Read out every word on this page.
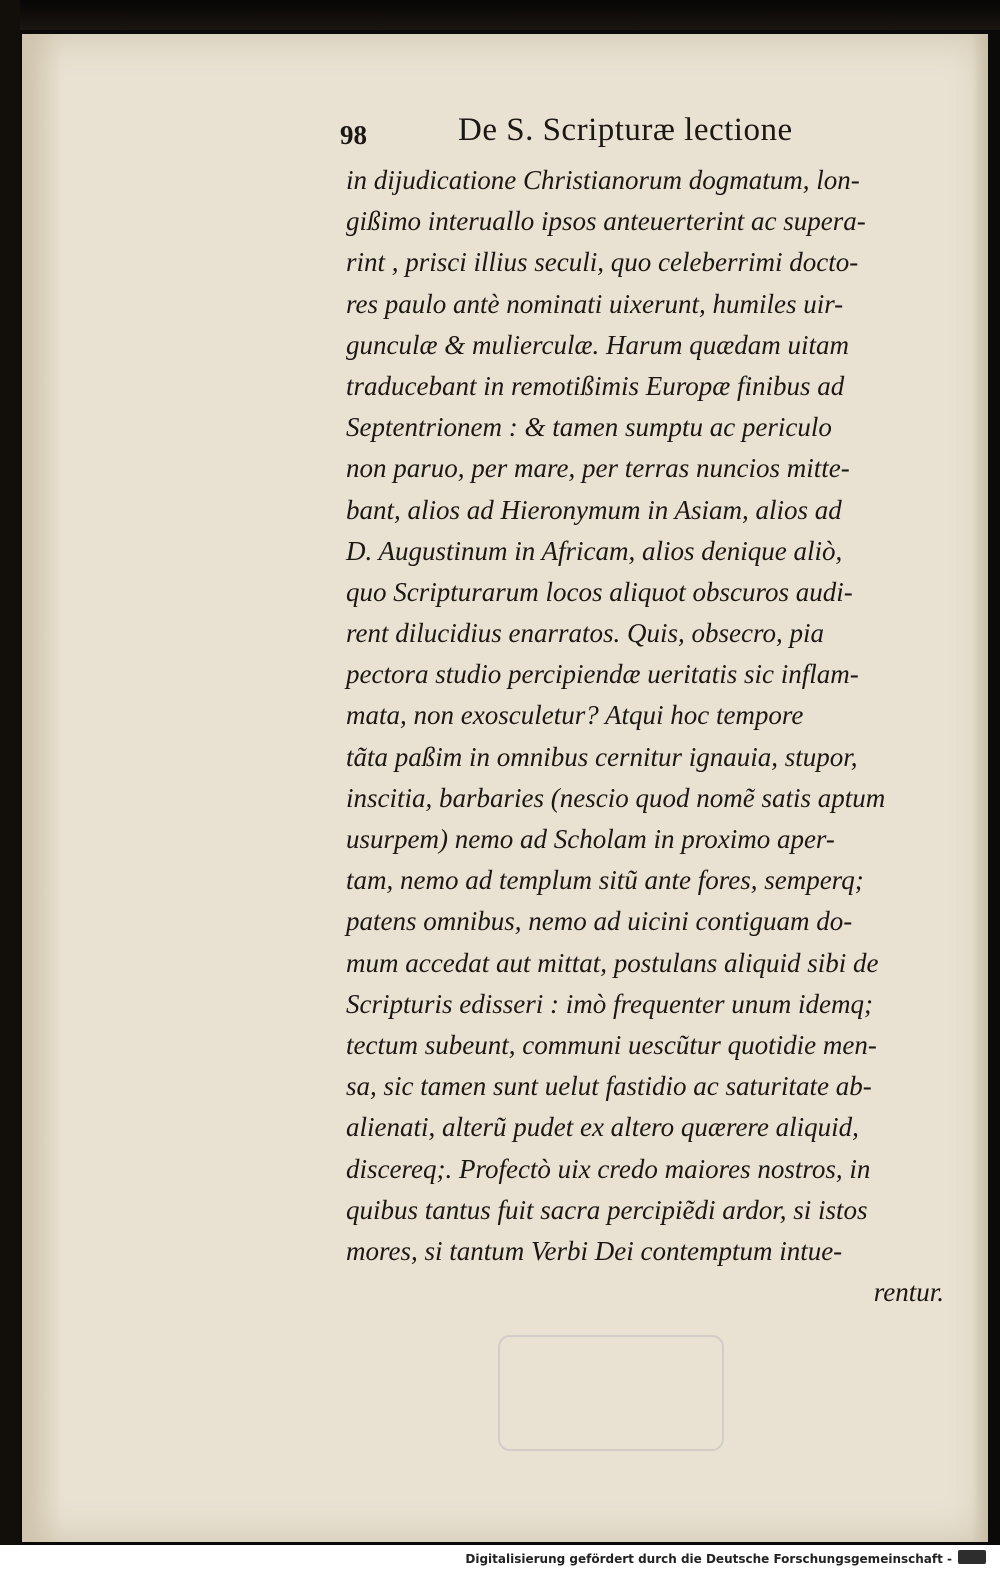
98	De S. Scripturæ lectione
in dijudicatione Christianorum dogmatum, lon-
gißimo interuallo ipsos anteuerterint ac supera-
rint , prisci illius seculi, quo celeberrimi docto-
res paulo antè nominati uixerunt, humiles uir-
gunculæ & mulierculæ. Harum quædam uitam
traducebant in remotißimis Europæ finibus ad
Septentrionem : & tamen sumptu ac periculo
non paruo, per mare, per terras nuncios mitte-
bant, alios ad Hieronymum in Asiam, alios ad
D. Augustinum in Africam, alios denique aliò,
quo Scripturarum locos aliquot obscuros audi-
rent dilucidius enarratos. Quis, obsecro, pia
pectora studio percipiendæ ueritatis sic inflam-
mata, non exosculetur? Atqui hoc tempore
tãta paßim in omnibus cernitur ignauia, stupor,
inscitia, barbaries (nescio quod nomẽ satis aptum
usurpem) nemo ad Scholam in proximo aper-
tam, nemo ad templum sitũ ante fores, semperq;
patens omnibus, nemo ad uicini contiguam do-
mum accedat aut mittat, postulans aliquid sibi de
Scripturis edisseri : imò frequenter unum idemq;
tectum subeunt, communi uescũtur quotidie men-
sa, sic tamen sunt uelut fastidio ac saturitate ab-
alienati, alterũ pudet ex altero quærere aliquid,
discereq;. Profectò uix credo maiores nostros, in
quibus tantus fuit sacra percipiẽdi ardor, si istos
mores, si tantum Verbi Dei contemptum intue-
rentur.
Digitalisierung gefördert durch die Deutsche Forschungsgemeinschaft -
